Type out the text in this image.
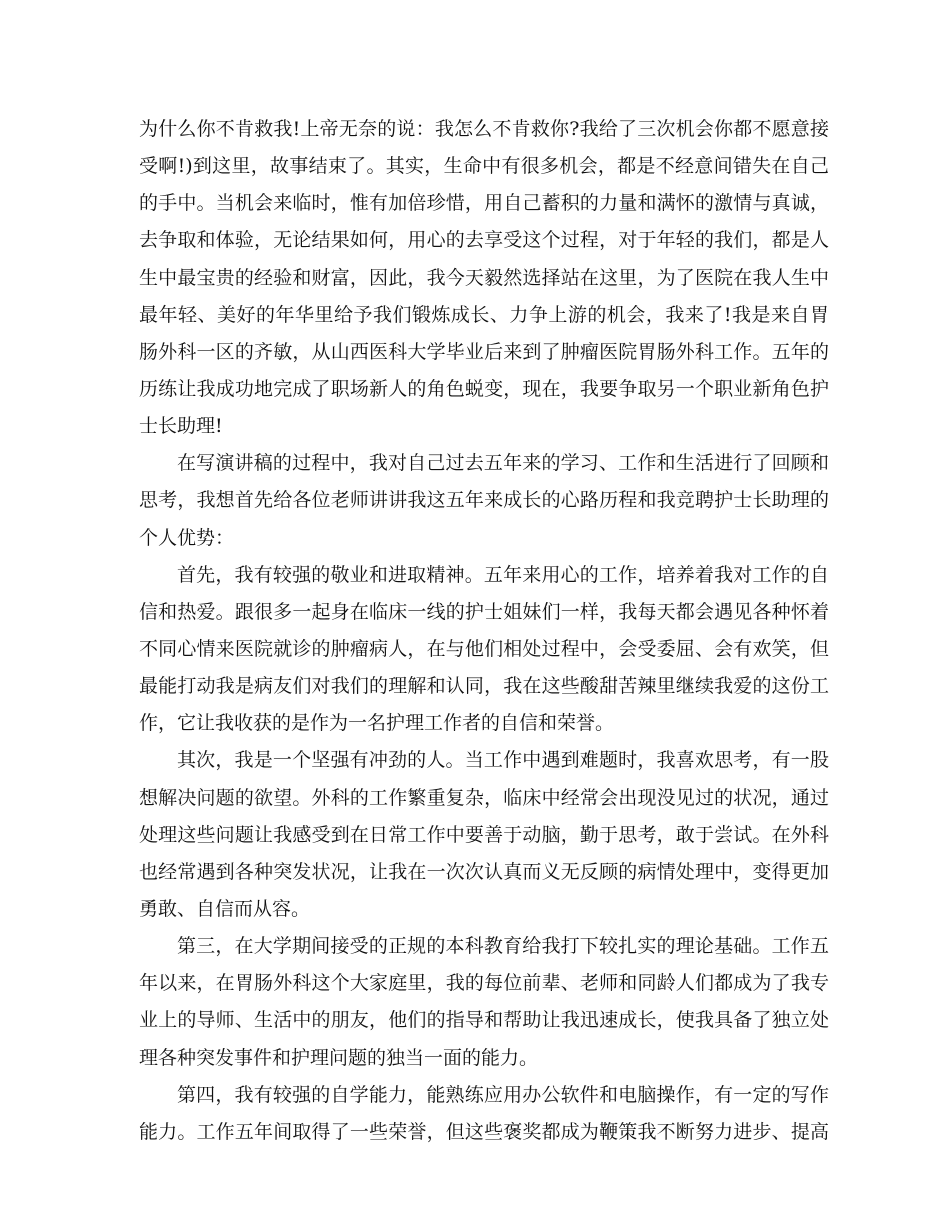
为什么你不肯救我!上帝无奈的说：我怎么不肯救你?我给了三次机会你都不愿意接
受啊!)到这里，故事结束了。其实，生命中有很多机会，都是不经意间错失在自己
的手中。当机会来临时，惟有加倍珍惜，用自己蓄积的力量和满怀的激情与真诚，
去争取和体验，无论结果如何，用心的去享受这个过程，对于年轻的我们，都是人
生中最宝贵的经验和财富，因此，我今天毅然选择站在这里，为了医院在我人生中
最年轻、美好的年华里给予我们锻炼成长、力争上游的机会，我来了!我是来自胃
肠外科一区的齐敏，从山西医科大学毕业后来到了肿瘤医院胃肠外科工作。五年的
历练让我成功地完成了职场新人的角色蜕变，现在，我要争取另一个职业新角色护
士长助理!

在写演讲稿的过程中，我对自己过去五年来的学习、工作和生活进行了回顾和
思考，我想首先给各位老师讲讲我这五年来成长的心路历程和我竞聘护士长助理的
个人优势：

首先，我有较强的敬业和进取精神。五年来用心的工作，培养着我对工作的自
信和热爱。跟很多一起身在临床一线的护士姐妹们一样，我每天都会遇见各种怀着
不同心情来医院就诊的肿瘤病人，在与他们相处过程中，会受委屈、会有欢笑，但
最能打动我是病友们对我们的理解和认同，我在这些酸甜苦辣里继续我爱的这份工
作，它让我收获的是作为一名护理工作者的自信和荣誉。

其次，我是一个坚强有冲劲的人。当工作中遇到难题时，我喜欢思考，有一股
想解决问题的欲望。外科的工作繁重复杂，临床中经常会出现没见过的状况，通过
处理这些问题让我感受到在日常工作中要善于动脑，勤于思考，敢于尝试。在外科
也经常遇到各种突发状况，让我在一次次认真而义无反顾的病情处理中，变得更加
勇敢、自信而从容。

第三，在大学期间接受的正规的本科教育给我打下较扎实的理论基础。工作五
年以来，在胃肠外科这个大家庭里，我的每位前辈、老师和同龄人们都成为了我专
业上的导师、生活中的朋友，他们的指导和帮助让我迅速成长，使我具备了独立处
理各种突发事件和护理问题的独当一面的能力。

第四，我有较强的自学能力，能熟练应用办公软件和电脑操作，有一定的写作
能力。工作五年间取得了一些荣誉，但这些褒奖都成为鞭策我不断努力进步、提高
